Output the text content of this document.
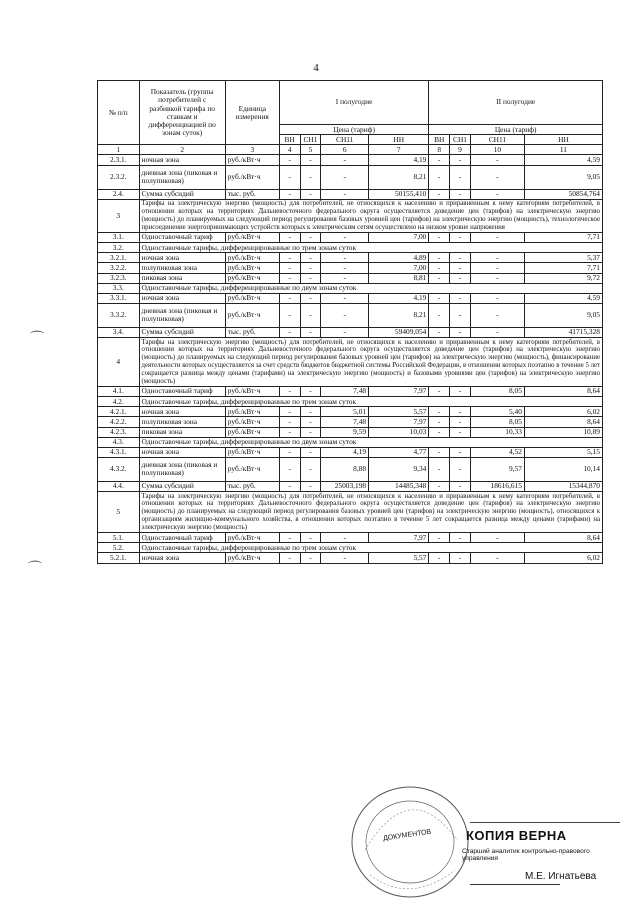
4
№ п/п	Показатель (группы потребителей с разбивкой тарифа по ставкам и дифференциацией по зонам суток)	Единица измерения	I полугодие				II полугодие			
			Цена (тариф)				Цена (тариф)			
			ВН	СН1	СН11	НН	ВН	СН1	СН11	НН
1	2	3	4	5	6	7	8	9	10	11
2.3.1.	ночная зона	руб./кВт·ч	-	-	-	4,19	-	-	-	4,59
2.3.2.	дневная зона (пиковая и полупиковая)	руб./кВт·ч	-	-	-	8,21	-	-	-	9,05
2.4.	Сумма субсидий	тыс. руб.	-	-	-	50155,410	-	-	-	50854,764
3	Тарифы на электрическую энергию (мощность) для потребителей, не относящихся к населению и приравненным к нему категориям потребителей, в отношении которых на территориях Дальневосточного федерального округа осуществляется доведение цен (тарифов) на электрическую энергию (мощность) до планируемых на следующий период регулирования базовых уровней цен (тарифов) на электрическую энергию (мощность), технологическое присоединение энергопринимающих устройств которых к электрическим сетям осуществлено на низком уровне напряжения									
3.1.	Одноставочный тариф	руб./кВт·ч	-	-	-	7,00	-	-	-	7,71
3.2.	Одноставочные тарифы, дифференцированные по трем зонам суток									
3.2.1.	ночная зона	руб./кВт·ч	-	-	-	4,89	-	-	-	5,37
3.2.2.	полупиковая зона	руб./кВт·ч	-	-	-	7,00	-	-	-	7,71
3.2.3.	пиковая зона	руб./кВт·ч	-	-	-	8,81	-	-	-	9,72
3.3.	Одноставочные тарифы, дифференцированные по двум зонам суток									
3.3.1.	ночная зона	руб./кВт·ч	-	-	-	4,19	-	-	-	4,59
3.3.2.	дневная зона (пиковая и полупиковая)	руб./кВт·ч	-	-	-	8,21	-	-	-	9,05
3.4.	Сумма субсидий	тыс. руб.	-	-	-	59409,054	-	-	-	41715,328
4	Тарифы на электрическую энергию (мощность) для потребителей, не относящихся к населению и приравненным к нему категориям потребителей, в отношении которых на территориях Дальневосточного федерального округа осуществляется доведение цен (тарифов) на электрическую энергию (мощность) до планируемых на следующий период регулирования базовых уровней цен (тарифов) на электрическую энергию (мощность), финансирование деятельности которых осуществляется за счет средств бюджетов бюджетной системы Российской Федерации, в отношении которых поэтапно в течение 5 лет сокращается разница между ценами (тарифами) на электрическую энергию (мощность) и базовыми уровнями цен (тарифов) на электрическую энергию (мощность)									
4.1.	Одноставочный тариф	руб./кВт·ч	-	-	7,48	7,97	-	-	8,05	8,64
4.2.	Одноставочные тарифы, дифференцированные по трем зонам суток									
4.2.1.	ночная зона	руб./кВт·ч	-	-	5,01	5,57	-	-	5,40	6,02
4.2.2.	полупиковая зона	руб./кВт·ч	-	-	7,48	7,97	-	-	8,05	8,64
4.2.3.	пиковая зона	руб./кВт·ч	-	-	9,59	10,03	-	-	10,33	10,89
4.3.	Одноставочные тарифы, дифференцированные по двум зонам суток									
4.3.1.	ночная зона	руб./кВт·ч	-	-	4,19	4,77	-	-	4,52	5,15
4.3.2.	дневная зона (пиковая и полупиковая)	руб./кВт·ч	-	-	8,88	9,34	-	-	9,57	10,14
4.4.	Сумма субсидий	тыс. руб.	-	-	25003,198	14485,348	-	-	18616,615	15344,870
5	Тарифы на электрическую энергию (мощность) для потребителей, не относящихся к населению и приравненным к нему категориям потребителей, в отношении которых на территориях Дальневосточного федерального округа осуществляется доведение цен (тарифов) на электрическую энергию (мощность) до планируемых на следующий период регулирования базовых уровней цен (тарифов) на электрическую энергию (мощность), относящихся к организациям жилищно-коммунального хозяйства, в отношении которых поэтапно в течение 5 лет сокращается разница между ценами (тарифами) на электрическую энергию (мощность)									
5.1.	Одноставочный тариф	руб./кВт·ч	-	-	-	7,97	-	-	-	8,64
5.2.	Одноставочные тарифы, дифференцированные по трем зонам суток									
5.2.1.	ночная зона	руб./кВт·ч	-	-	-	5,57	-	-	-	6,02
ДОКУМЕНТОВ	КОПИЯ ВЕРНА
Старший аналитик контрольно-правового управления
М.Е. Игнатьева
⌒
⌒
